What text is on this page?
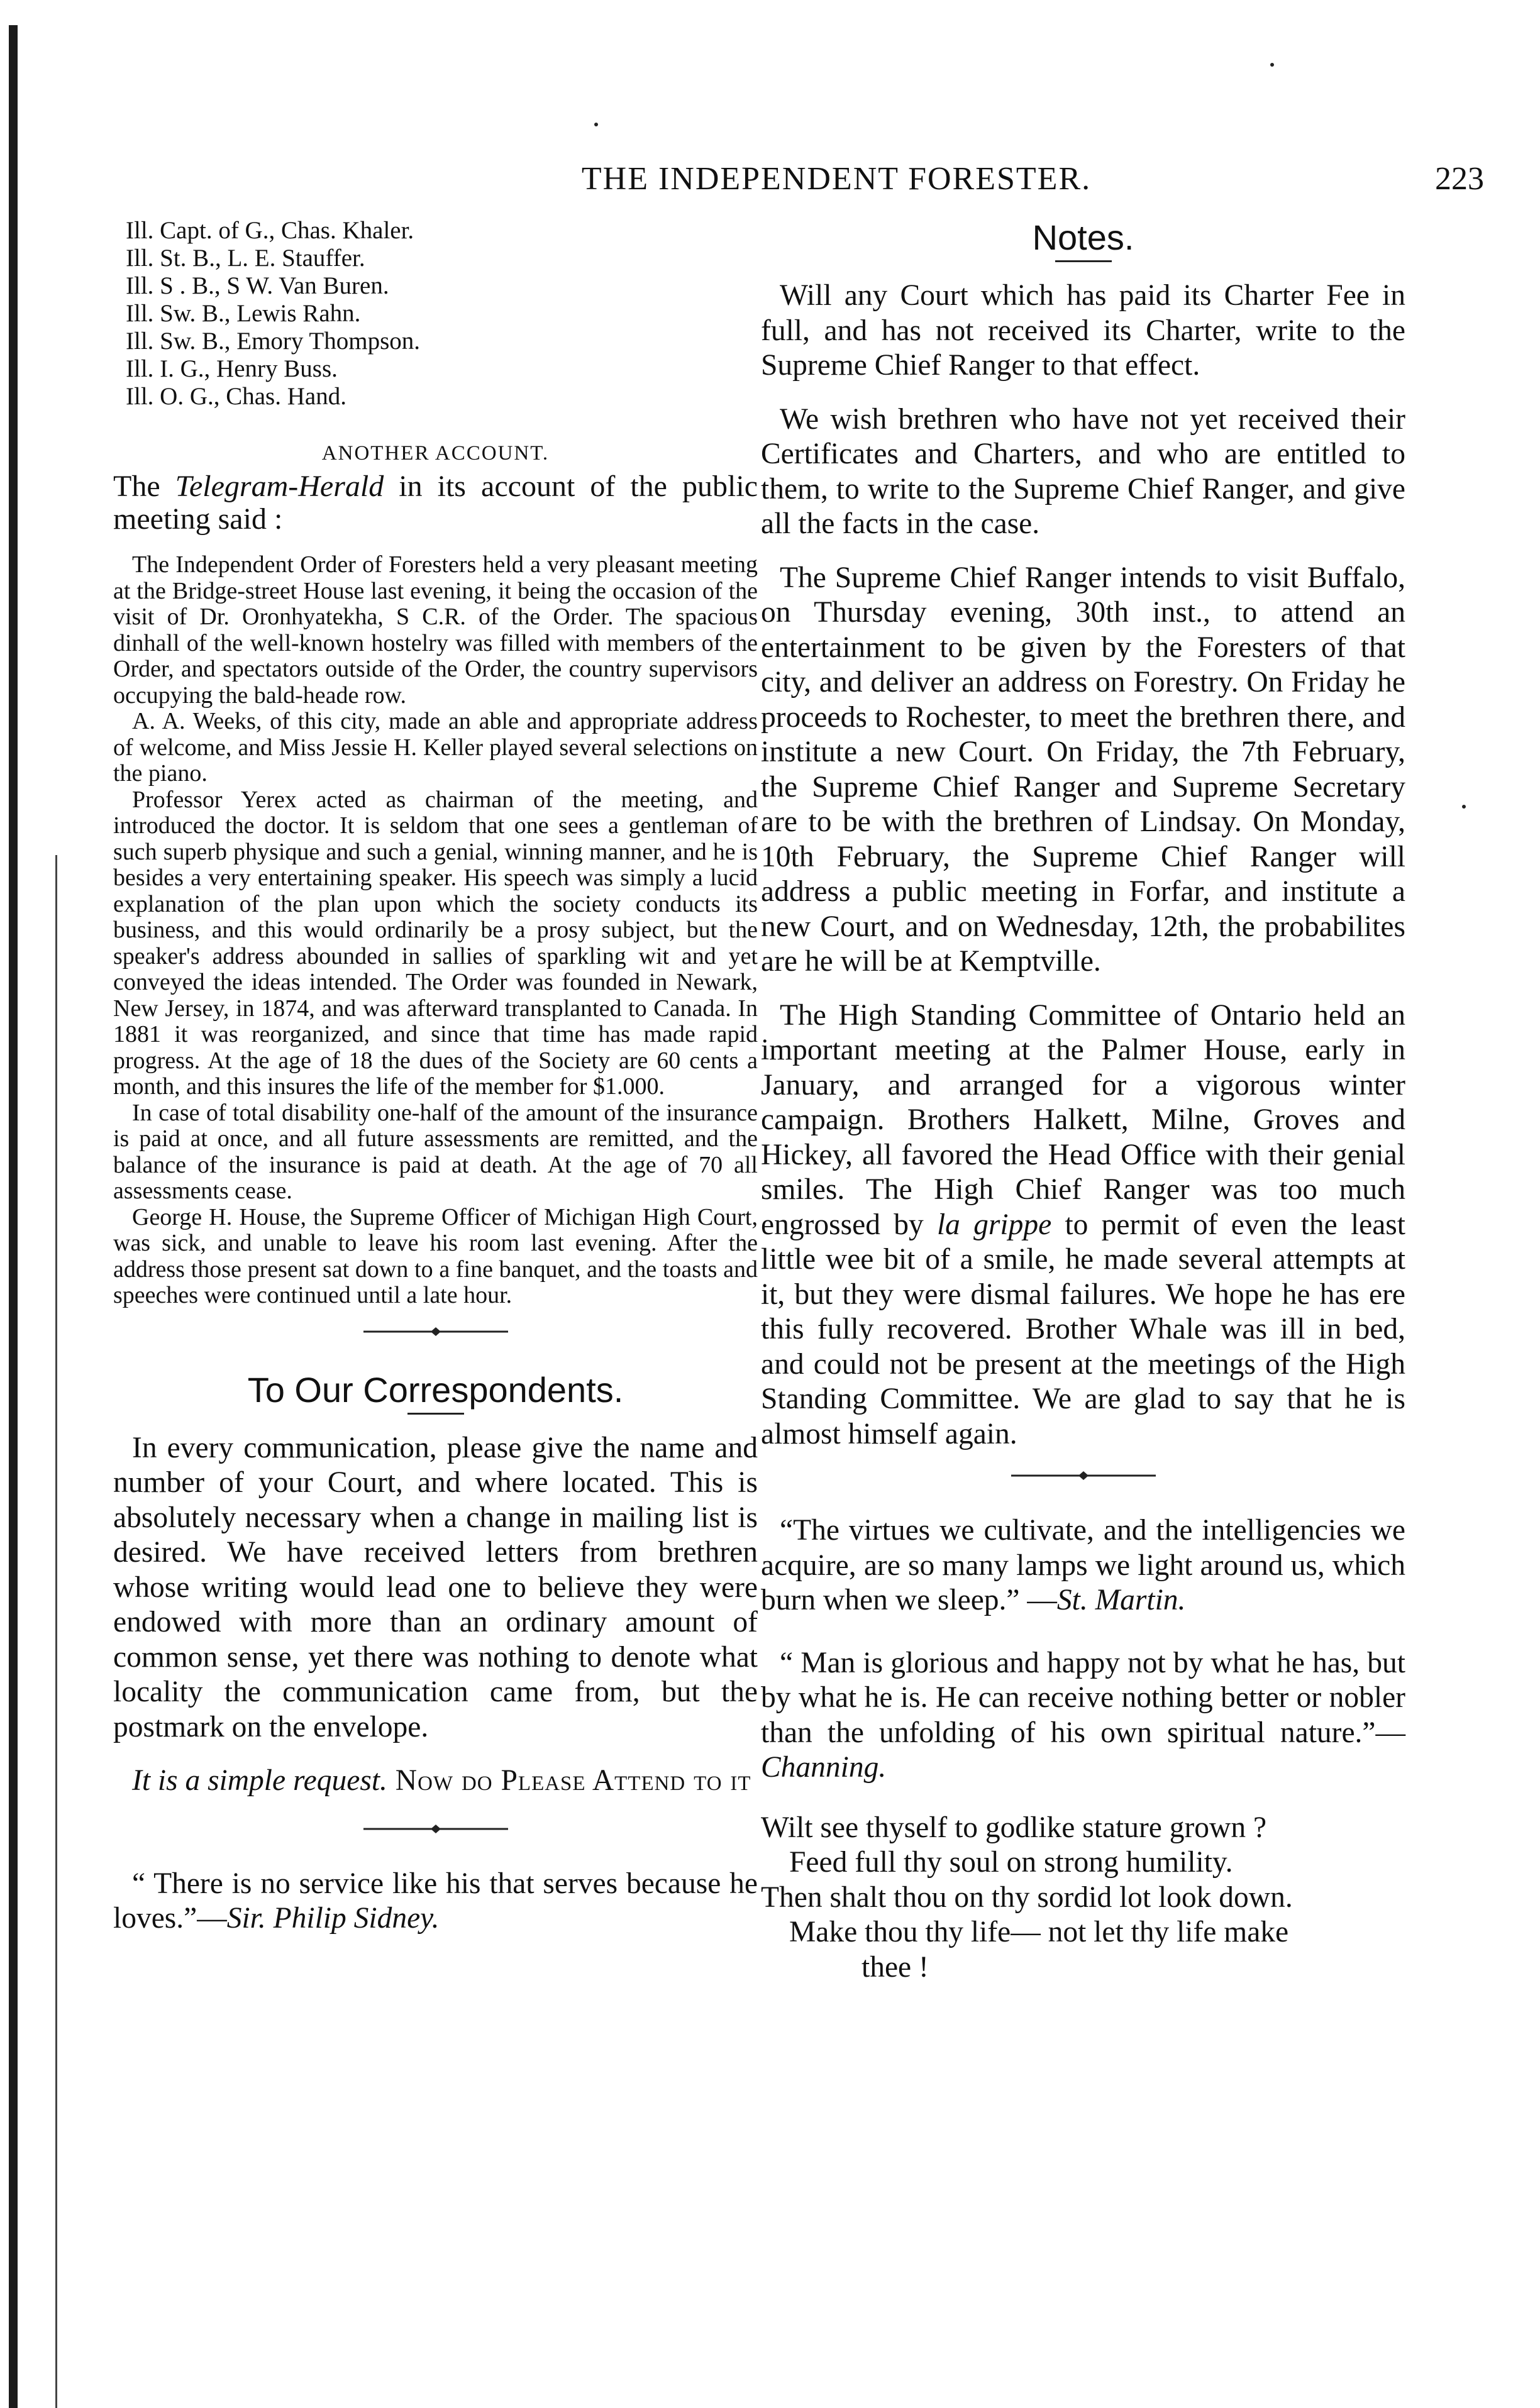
THE INDEPENDENT FORESTER.	223
Ill. Capt. of G., Chas. Khaler.
Ill. St. B., L. E. Stauffer.
Ill. S . B., S W. Van Buren.
Ill. Sw. B., Lewis Rahn.
Ill. Sw. B., Emory Thompson.
Ill. I. G., Henry Buss.
Ill. O. G., Chas. Hand.
ANOTHER ACCOUNT.

The Telegram-Herald in its account of the public meeting said :

The Independent Order of Foresters held a very pleasant meeting at the Bridge-street House last evening, it being the occasion of the visit of Dr. Oronhyatekha, S C.R. of the Order. The spacious dinhall of the well-known hostelry was filled with members of the Order, and spectators outside of the Order, the country supervisors occupying the bald-heade row.

A. A. Weeks, of this city, made an able and appropriate address of welcome, and Miss Jessie H. Keller played several selections on the piano.

Professor Yerex acted as chairman of the meeting, and introduced the doctor. It is seldom that one sees a gentleman of such superb physique and such a genial, winning manner, and he is besides a very entertaining speaker. His speech was simply a lucid explanation of the plan upon which the society conducts its business, and this would ordinarily be a prosy subject, but the speaker's address abounded in sallies of sparkling wit and yet conveyed the ideas intended. The Order was founded in Newark, New Jersey, in 1874, and was afterward transplanted to Canada. In 1881 it was reorganized, and since that time has made rapid progress. At the age of 18 the dues of the Society are 60 cents a month, and this insures the life of the member for $1.000.

In case of total disability one-half of the amount of the insurance is paid at once, and all future assessments are remitted, and the balance of the insurance is paid at death. At the age of 70 all assessments cease.

George H. House, the Supreme Officer of Michigan High Court, was sick, and unable to leave his room last evening. After the address those present sat down to a fine banquet, and the toasts and speeches were continued until a late hour.

To Our Correspondents.

In every communication, please give the name and number of your Court, and where located. This is absolutely necessary when a change in mailing list is desired. We have received letters from brethren whose writing would lead one to believe they were endowed with more than an ordinary amount of common sense, yet there was nothing to denote what locality the communication came from, but the postmark on the envelope.

It is a simple request. Now do Please Attend to it

“ There is no service like his that serves because he loves.”—Sir. Philip Sidney.

Notes.

Will any Court which has paid its Charter Fee in full, and has not received its Charter, write to the Supreme Chief Ranger to that effect.

We wish brethren who have not yet received their Certificates and Charters, and who are entitled to them, to write to the Supreme Chief Ranger, and give all the facts in the case.

The Supreme Chief Ranger intends to visit Buffalo, on Thursday evening, 30th inst., to attend an entertainment to be given by the Foresters of that city, and deliver an address on Forestry. On Friday he proceeds to Rochester, to meet the brethren there, and institute a new Court. On Friday, the 7th February, the Supreme Chief Ranger and Supreme Secretary are to be with the brethren of Lindsay. On Monday, 10th February, the Supreme Chief Ranger will address a public meeting in Forfar, and institute a new Court, and on Wednesday, 12th, the probabilites are he will be at Kemptville.

The High Standing Committee of Ontario held an important meeting at the Palmer House, early in January, and arranged for a vigorous winter campaign. Brothers Halkett, Milne, Groves and Hickey, all favored the Head Office with their genial smiles. The High Chief Ranger was too much engrossed by la grippe to permit of even the least little wee bit of a smile, he made several attempts at it, but they were dismal failures. We hope he has ere this fully recovered. Brother Whale was ill in bed, and could not be present at the meetings of the High Standing Committee. We are glad to say that he is almost himself again.

“The virtues we cultivate, and the intelligencies we acquire, are so many lamps we light around us, which burn when we sleep.” —St. Martin.

“ Man is glorious and happy not by what he has, but by what he is. He can receive nothing better or nobler than the unfolding of his own spiritual nature.”—Channing.

Wilt see thyself to godlike stature grown ?
Feed full thy soul on strong humility.
Then shalt thou on thy sordid lot look down.
Make thou thy life— not let thy life make
thee !
